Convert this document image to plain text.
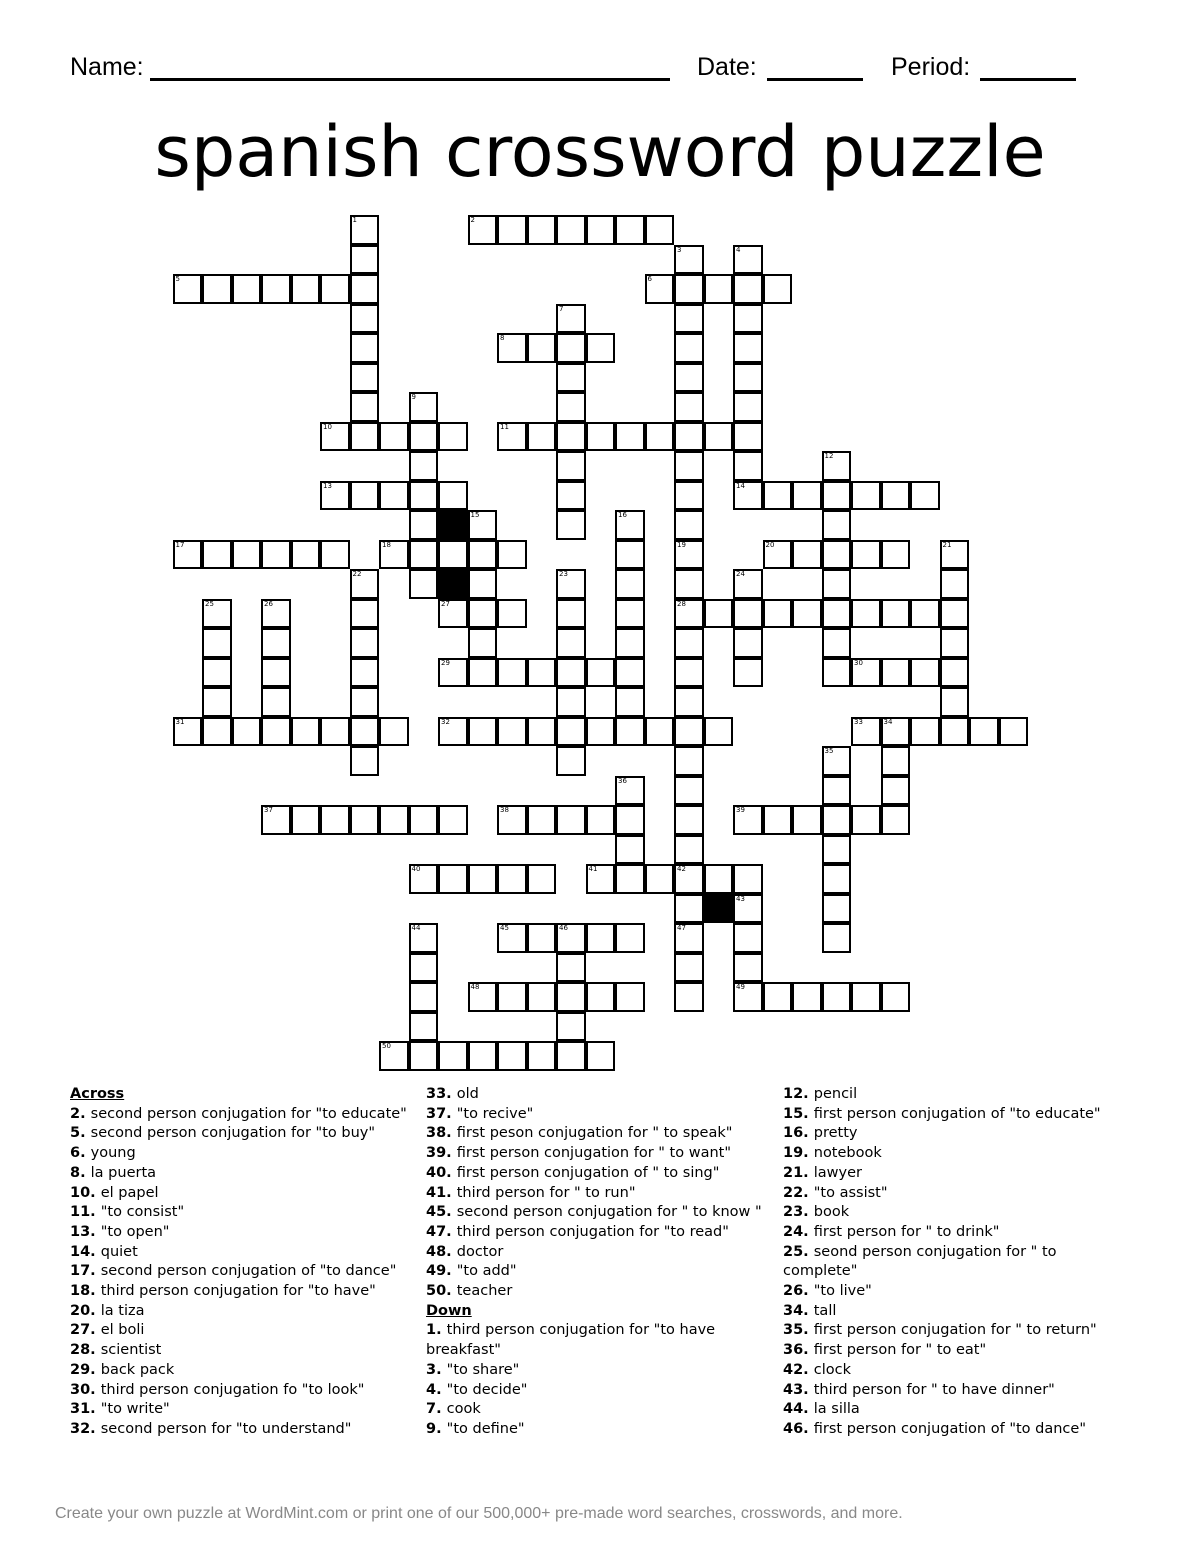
Name:	Date:	Period:
spanish crossword puzzle
2
5	6
8
10	11
13	14
17	18	20
27	28
29	30
31	32	33	34
37	38	39
40	41	42
45	46
48	49
50
1
3	4
7
9
12
15	16
19	21
22	23	24
25	26
35
36
47
43
44
Across
2. second person conjugation for "to educate"
5. second person conjugation for "to buy"
6. young
8. la puerta
10. el papel
11. "to consist"
13. "to open"
14. quiet
17. second person conjugation of "to dance"
18. third person conjugation for "to have"
20. la tiza
27. el boli
28. scientist
29. back pack
30. third person conjugation fo "to look"
31. "to write"
32. second person for "to understand"
33. old
37. "to recive"
38. first peson conjugation for " to speak"
39. first person conjugation for " to want"
40. first person conjugation of " to sing"
41. third person for " to run"
45. second person conjugation for " to know "
47. third person conjugation for "to read"
48. doctor
49. "to add"
50. teacher
Down
1. third person conjugation for "to have breakfast"
3. "to share"
4. "to decide"
7. cook
9. "to define"
12. pencil
15. first person conjugation of "to educate"
16. pretty
19. notebook
21. lawyer
22. "to assist"
23. book
24. first person for " to drink"
25. seond person conjugation for " to complete"
26. "to live"
34. tall
35. first person conjugation for " to return"
36. first person for " to eat"
42. clock
43. third person for " to have dinner"
44. la silla
46. first person conjugation of "to dance"
Create your own puzzle at WordMint.com or print one of our 500,000+ pre-made word searches, crosswords, and more.
